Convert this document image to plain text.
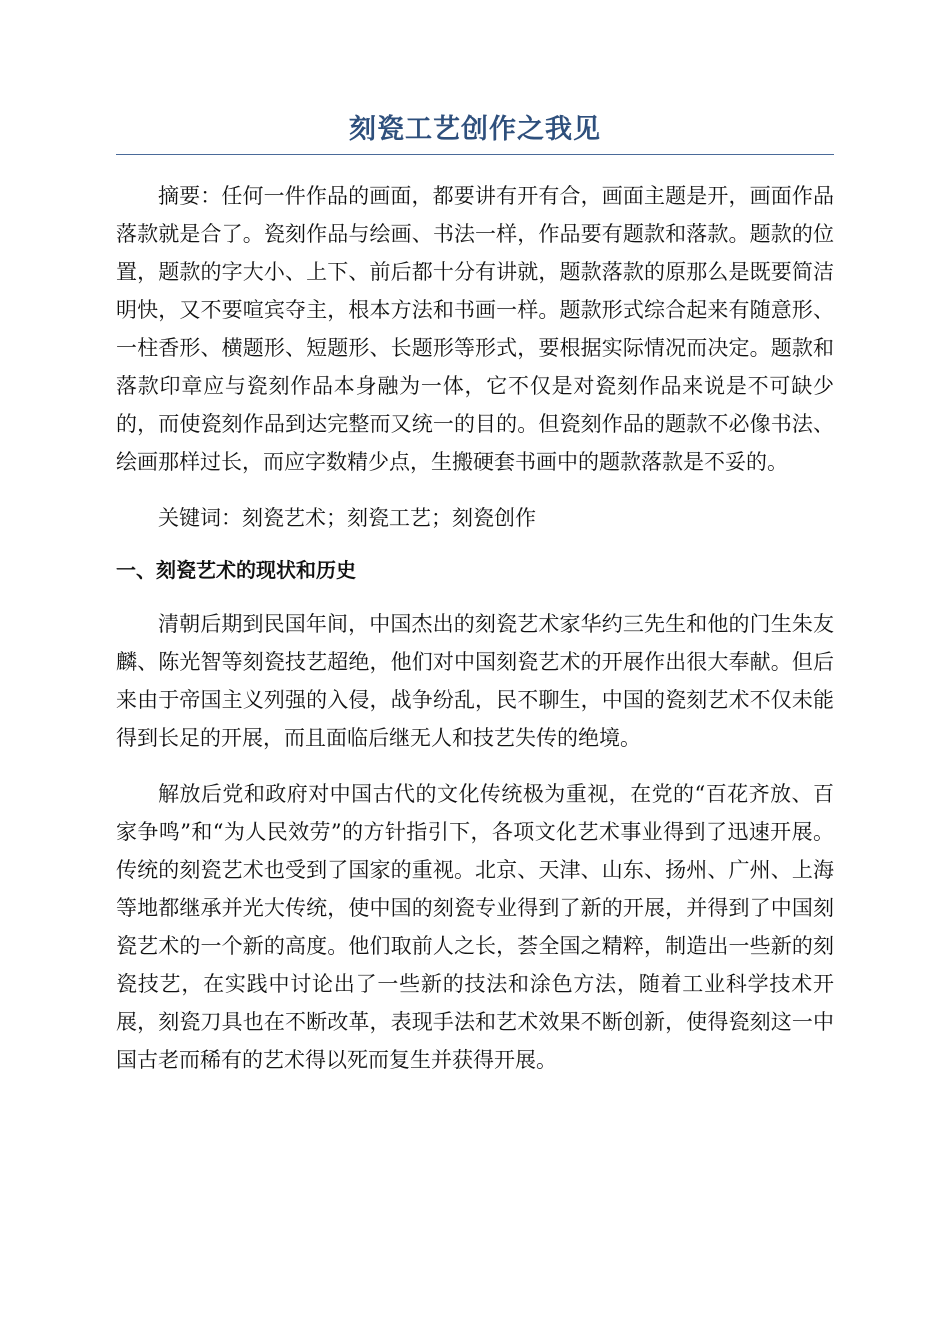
刻瓷工艺创作之我见

摘要：任何一件作品的画面，都要讲有开有合，画面主题是开，画面作品落款就是合了。瓷刻作品与绘画、书法一样，作品要有题款和落款。题款的位置，题款的字大小、上下、前后都十分有讲就，题款落款的原那么是既要简洁明快，又不要喧宾夺主，根本方法和书画一样。题款形式综合起来有随意形、一柱香形、横题形、短题形、长题形等形式，要根据实际情况而决定。题款和落款印章应与瓷刻作品本身融为一体，它不仅是对瓷刻作品来说是不可缺少的，而使瓷刻作品到达完整而又统一的目的。但瓷刻作品的题款不必像书法、绘画那样过长，而应字数精少点，生搬硬套书画中的题款落款是不妥的。

关键词：刻瓷艺术；刻瓷工艺；刻瓷创作

一、刻瓷艺术的现状和历史

清朝后期到民国年间，中国杰出的刻瓷艺术家华约三先生和他的门生朱友麟、陈光智等刻瓷技艺超绝，他们对中国刻瓷艺术的开展作出很大奉献。但后来由于帝国主义列强的入侵，战争纷乱，民不聊生，中国的瓷刻艺术不仅未能得到长足的开展，而且面临后继无人和技艺失传的绝境。

解放后党和政府对中国古代的文化传统极为重视，在党的“百花齐放、百家争鸣”和“为人民效劳”的方针指引下，各项文化艺术事业得到了迅速开展。传统的刻瓷艺术也受到了国家的重视。北京、天津、山东、扬州、广州、上海等地都继承并光大传统，使中国的刻瓷专业得到了新的开展，并得到了中国刻瓷艺术的一个新的高度。他们取前人之长，荟全国之精粹，制造出一些新的刻瓷技艺，在实践中讨论出了一些新的技法和涂色方法，随着工业科学技术开展，刻瓷刀具也在不断改革，表现手法和艺术效果不断创新，使得瓷刻这一中国古老而稀有的艺术得以死而复生并获得开展。
